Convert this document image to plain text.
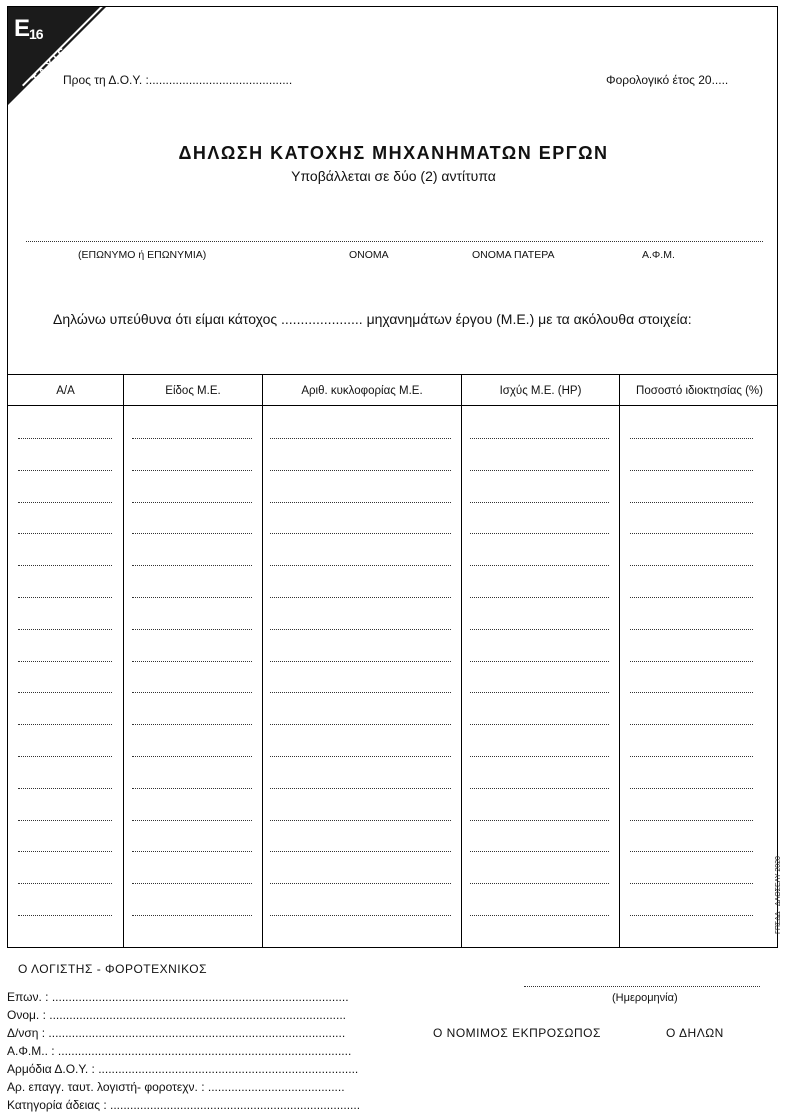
$E_{16}$
TAXIS
Προς τη Δ.Ο.Υ. :...........................................	Φορολογικό έτος 20.....
ΔΗΛΩΣΗ ΚΑΤΟΧΗΣ ΜΗΧΑΝΗΜΑΤΩΝ ΕΡΓΩΝ
Υποβάλλεται σε δύο (2) αντίτυπα
(ΕΠΩΝΥΜΟ ή ΕΠΩΝΥΜΙΑ)	ΟΝΟΜΑ	ΟΝΟΜΑ ΠΑΤΕΡΑ	Α.Φ.Μ.
Δηλώνω υπεύθυνα ότι είμαι κάτοχος ..................... μηχανημάτων έργου (Μ.Ε.) με τα ακόλουθα στοιχεία:
Α/Α	Είδος Μ.Ε.	Αριθ. κυκλοφορίας Μ.Ε.	Ισχύς Μ.Ε. (ΗΡ)	Ποσοστό ιδιοκτησίας (%)
ΓΠΣΔΔ - ΔΛΟΣΕΛΥ 2020
Ο ΛΟΓΙΣΤΗΣ - ΦΟΡΟΤΕΧΝΙΚΟΣ
Επων. : .........................................................................................
Ονομ. : .........................................................................................
Δ/νση : .........................................................................................
Α.Φ.Μ.. : ........................................................................................
Αρμόδια Δ.Ο.Υ. : ..............................................................................
Αρ. επαγγ. ταυτ. λογιστή- φοροτεχν. : .........................................
Κατηγορία άδειας : ...........................................................................
(Ημερομηνία)
Ο ΝΟΜΙΜΟΣ ΕΚΠΡΟΣΩΠΟΣ	Ο ΔΗΛΩΝ
